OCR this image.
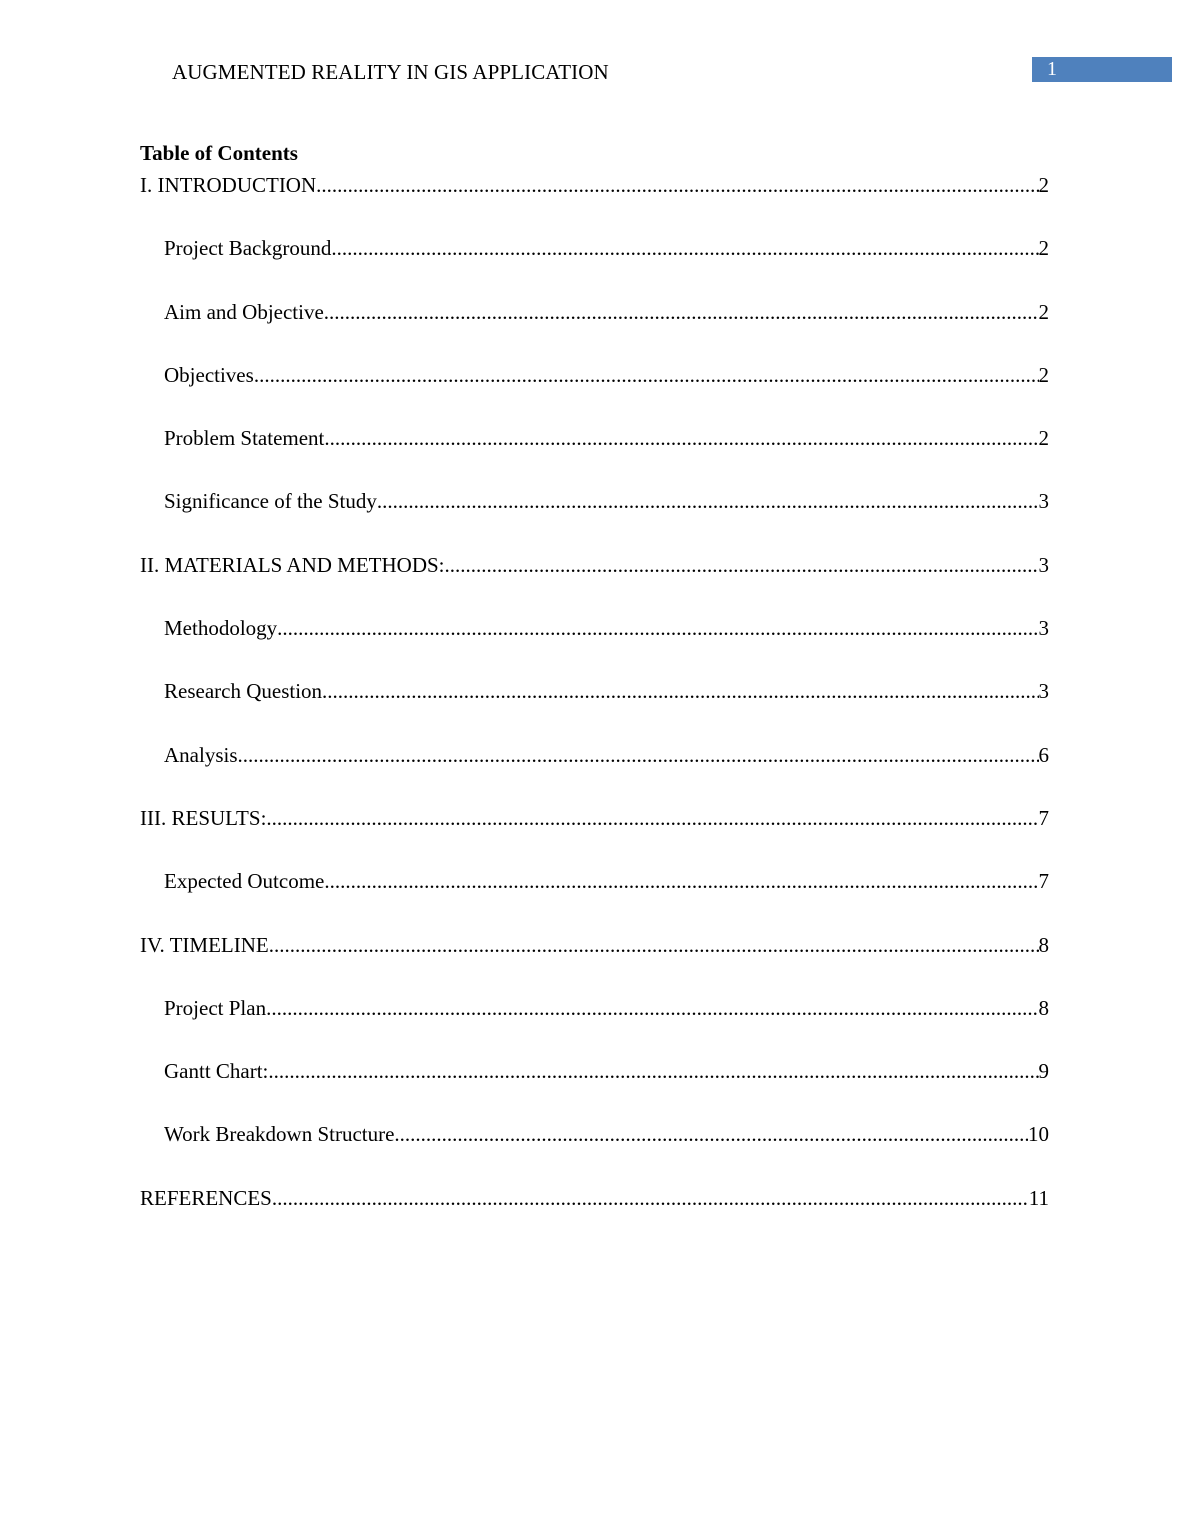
AUGMENTED REALITY IN GIS APPLICATION	1
Table of Contents
I. INTRODUCTION .....	2
Project Background .....	2
Aim and Objective .....	2
Objectives .....	2
Problem Statement .....	2
Significance of the Study .....	3
II. MATERIALS AND METHODS: .....	3
Methodology .....	3
Research Question .....	3
Analysis .....	6
III. RESULTS: .....	7
Expected Outcome .....	7
IV. TIMELINE .....	8
Project Plan .....	8
Gantt Chart: .....	9
Work Breakdown Structure .....	10
REFERENCES .....	11
